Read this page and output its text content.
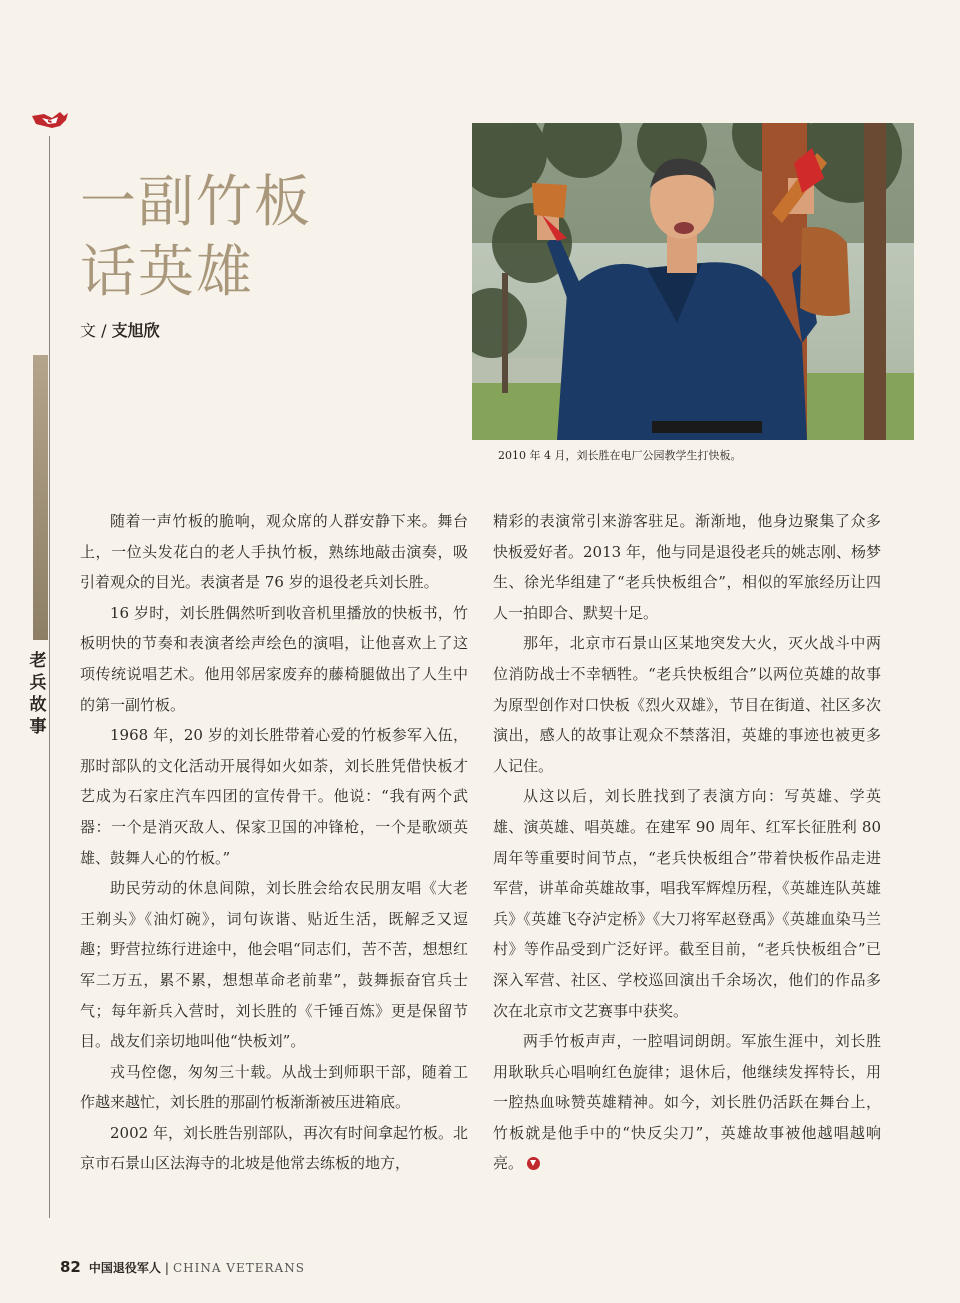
老兵故事
一副竹板
话英雄
文 / 支旭欣
2010 年 4 月，刘长胜在电厂公园教学生打快板。

随着一声竹板的脆响，观众席的人群安静下来。舞台上，一位头发花白的老人手执竹板，熟练地敲击演奏，吸引着观众的目光。表演者是 76 岁的退役老兵刘长胜。

16 岁时，刘长胜偶然听到收音机里播放的快板书，竹板明快的节奏和表演者绘声绘色的演唱，让他喜欢上了这项传统说唱艺术。他用邻居家废弃的藤椅腿做出了人生中的第一副竹板。

1968 年，20 岁的刘长胜带着心爱的竹板参军入伍，那时部队的文化活动开展得如火如荼，刘长胜凭借快板才艺成为石家庄汽车四团的宣传骨干。他说：“我有两个武器：一个是消灭敌人、保家卫国的冲锋枪，一个是歌颂英雄、鼓舞人心的竹板。”

助民劳动的休息间隙，刘长胜会给农民朋友唱《大老王剃头》《油灯碗》，词句诙谐、贴近生活，既解乏又逗趣；野营拉练行进途中，他会唱“同志们，苦不苦，想想红军二万五，累不累，想想革命老前辈”，鼓舞振奋官兵士气；每年新兵入营时，刘长胜的《千锤百炼》更是保留节目。战友们亲切地叫他“快板刘”。

戎马倥偬，匆匆三十载。从战士到师职干部，随着工作越来越忙，刘长胜的那副竹板渐渐被压进箱底。

2002 年，刘长胜告别部队，再次有时间拿起竹板。北京市石景山区法海寺的北坡是他常去练板的地方，

精彩的表演常引来游客驻足。渐渐地，他身边聚集了众多快板爱好者。2013 年，他与同是退役老兵的姚志刚、杨梦生、徐光华组建了“老兵快板组合”，相似的军旅经历让四人一拍即合、默契十足。

那年，北京市石景山区某地突发大火，灭火战斗中两位消防战士不幸牺牲。“老兵快板组合”以两位英雄的故事为原型创作对口快板《烈火双雄》，节目在街道、社区多次演出，感人的故事让观众不禁落泪，英雄的事迹也被更多人记住。

从这以后，刘长胜找到了表演方向：写英雄、学英雄、演英雄、唱英雄。在建军 90 周年、红军长征胜利 80 周年等重要时间节点，“老兵快板组合”带着快板作品走进军营，讲革命英雄故事，唱我军辉煌历程，《英雄连队英雄兵》《英雄飞夺泸定桥》《大刀将军赵登禹》《英雄血染马兰村》等作品受到广泛好评。截至目前，“老兵快板组合”已深入军营、社区、学校巡回演出千余场次，他们的作品多次在北京市文艺赛事中获奖。

两手竹板声声，一腔唱词朗朗。军旅生涯中，刘长胜用耿耿兵心唱响红色旋律；退休后，他继续发挥特长，用一腔热血咏赞英雄精神。如今，刘长胜仍活跃在舞台上，竹板就是他手中的“快反尖刀”，英雄故事被他越唱越响亮。

82 中国退役军人 | CHINA VETERANS
